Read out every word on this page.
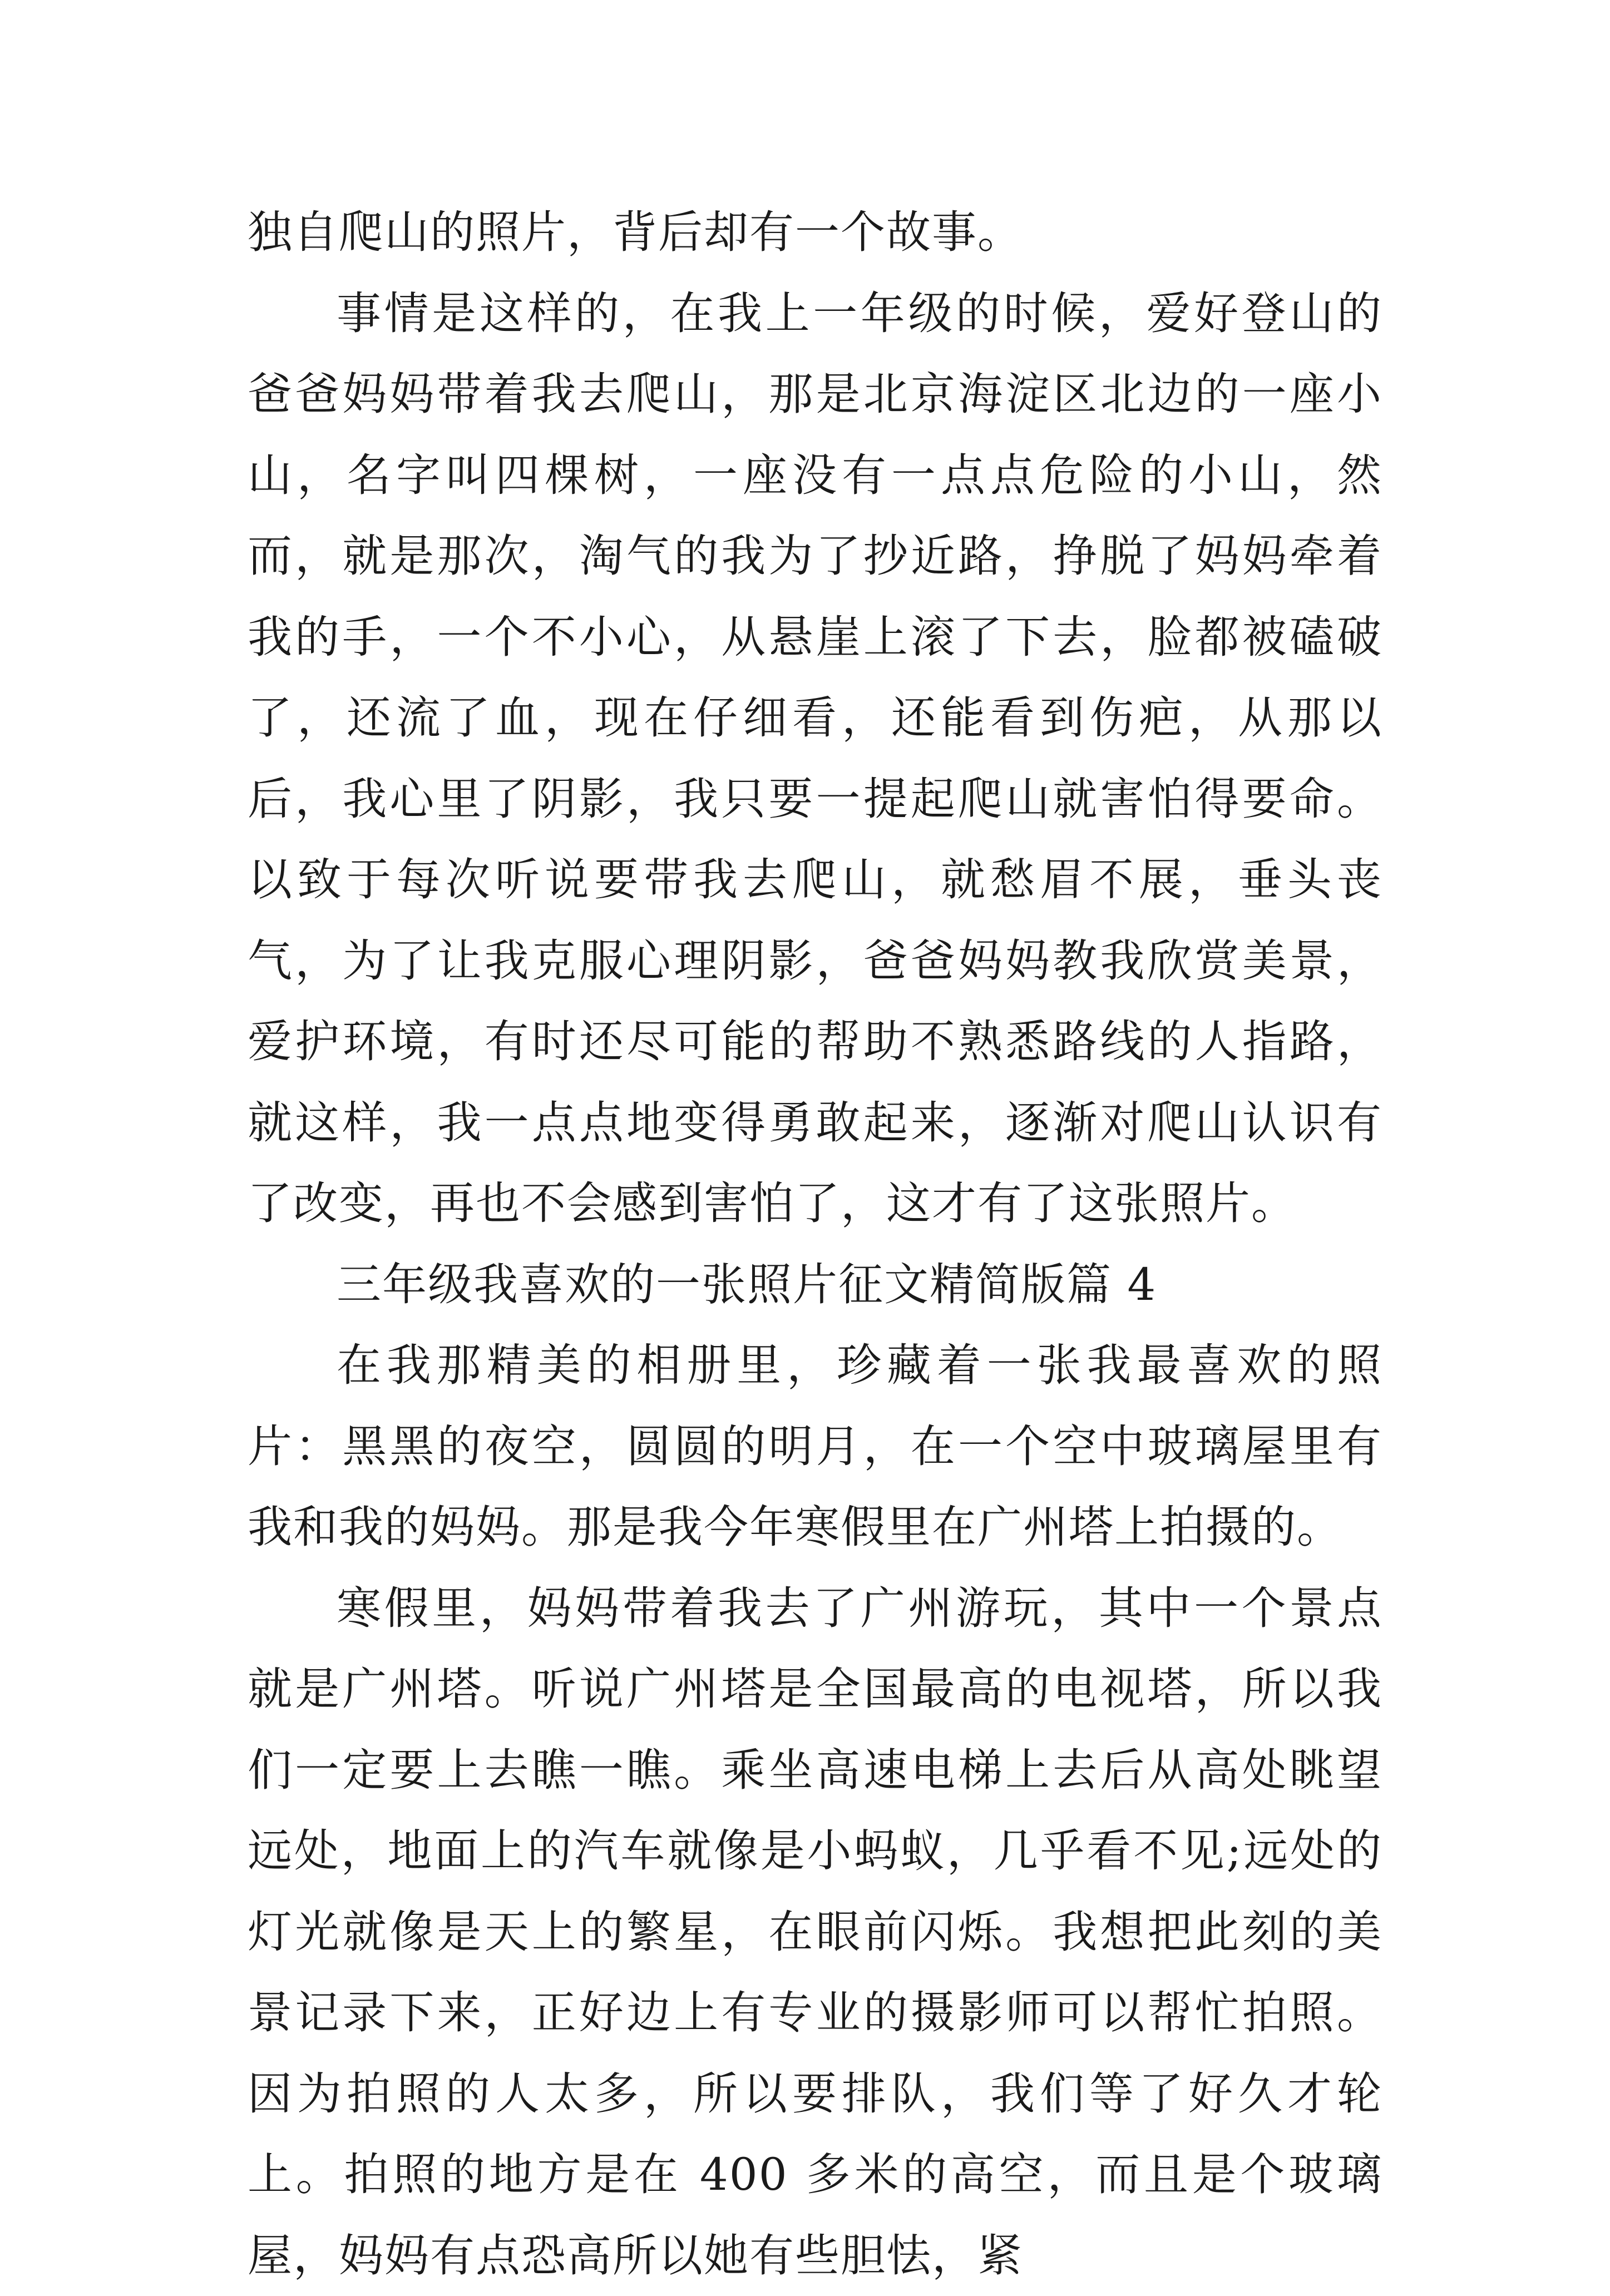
独自爬山的照片，背后却有一个故事。

事情是这样的，在我上一年级的时候，爱好登山的爸爸妈妈带着我去爬山，那是北京海淀区北边的一座小山，名字叫四棵树，一座没有一点点危险的小山，然而，就是那次，淘气的我为了抄近路，挣脱了妈妈牵着我的手，一个不小心，从悬崖上滚了下去，脸都被磕破了，还流了血，现在仔细看，还能看到伤疤，从那以后，我心里了阴影，我只要一提起爬山就害怕得要命。以致于每次听说要带我去爬山，就愁眉不展，垂头丧气，为了让我克服心理阴影，爸爸妈妈教我欣赏美景，爱护环境，有时还尽可能的帮助不熟悉路线的人指路，就这样，我一点点地变得勇敢起来，逐渐对爬山认识有了改变，再也不会感到害怕了，这才有了这张照片。

三年级我喜欢的一张照片征文精简版篇 4

在我那精美的相册里，珍藏着一张我最喜欢的照片：黑黑的夜空，圆圆的明月，在一个空中玻璃屋里有我和我的妈妈。那是我今年寒假里在广州塔上拍摄的。

寒假里，妈妈带着我去了广州游玩，其中一个景点就是广州塔。听说广州塔是全国最高的电视塔，所以我们一定要上去瞧一瞧。乘坐高速电梯上去后从高处眺望远处，地面上的汽车就像是小蚂蚁，几乎看不见;远处的灯光就像是天上的繁星，在眼前闪烁。我想把此刻的美景记录下来，正好边上有专业的摄影师可以帮忙拍照。因为拍照的人太多，所以要排队，我们等了好久才轮上。拍照的地方是在 400 多米的高空，而且是个玻璃屋，妈妈有点恐高所以她有些胆怯，紧
